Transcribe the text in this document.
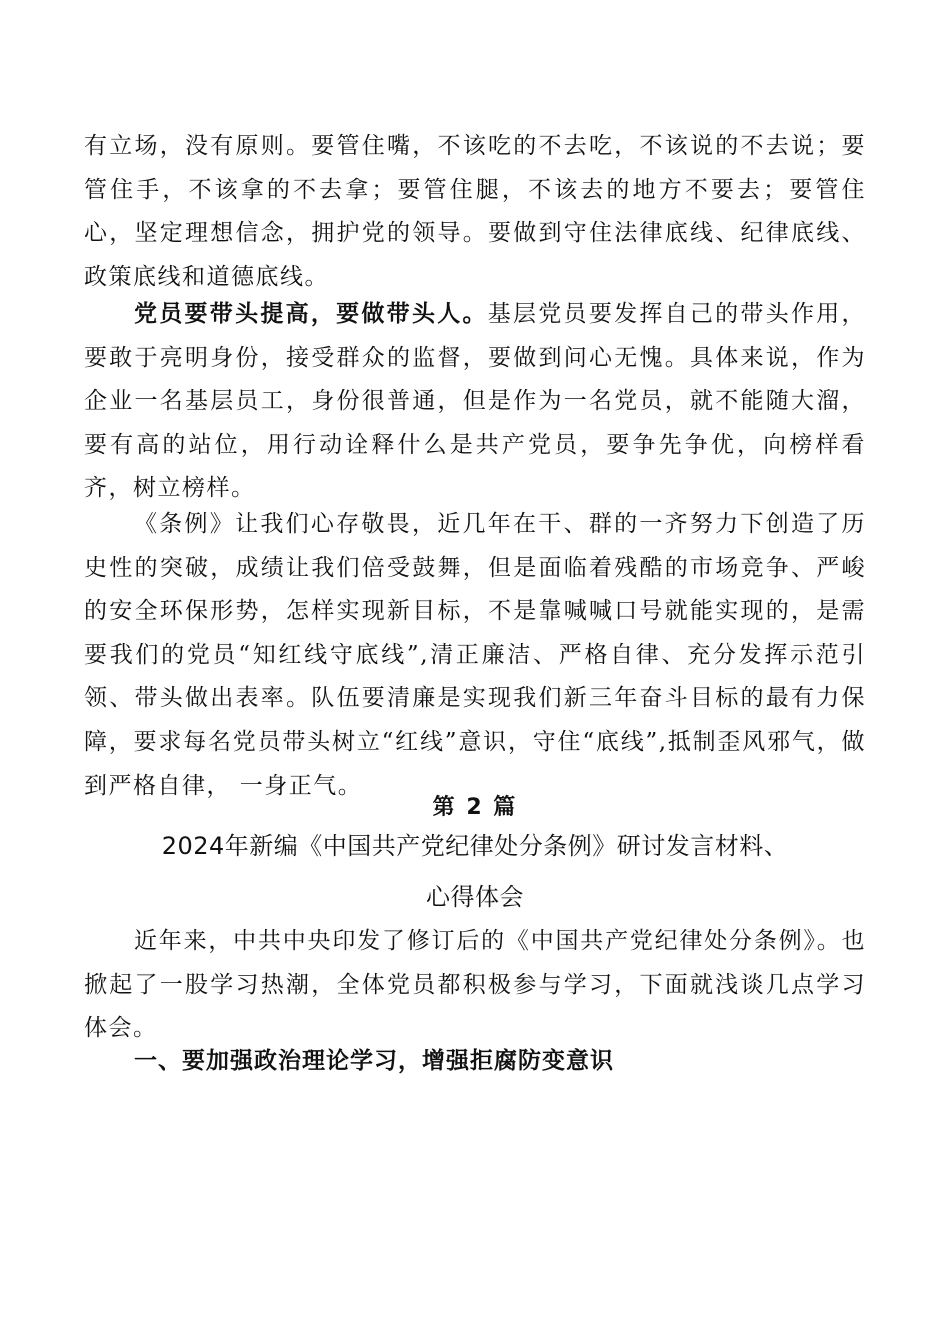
有立场，没有原则。要管住嘴，不该吃的不去吃，不该说的不去说；要管住手，不该拿的不去拿；要管住腿，不该去的地方不要去；要管住心，坚定理想信念，拥护党的领导。要做到守住法律底线、纪律底线、政策底线和道德底线。
党员要带头提高，要做带头人。基层党员要发挥自己的带头作用，要敢于亮明身份，接受群众的监督，要做到问心无愧。具体来说，作为企业一名基层员工，身份很普通，但是作为一名党员，就不能随大溜，要有高的站位，用行动诠释什么是共产党员，要争先争优，向榜样看齐，树立榜样。
《条例》让我们心存敬畏，近几年在干、群的一齐努力下创造了历史性的突破，成绩让我们倍受鼓舞，但是面临着残酷的市场竞争、严峻的安全环保形势，怎样实现新目标，不是靠喊喊口号就能实现的，是需要我们的党员“知红线守底线”,清正廉洁、严格自律、充分发挥示范引领、带头做出表率。队伍要清廉是实现我们新三年奋斗目标的最有力保障，要求每名党员带头树立“红线”意识，守住“底线”,抵制歪风邪气，做到严格自律， 一身正气。
第 2 篇
2024年新编《中国共产党纪律处分条例》研讨发言材料、
心得体会
近年来，中共中央印发了修订后的《中国共产党纪律处分条例》。也掀起了一股学习热潮，全体党员都积极参与学习，下面就浅谈几点学习体会。
一、要加强政治理论学习，增强拒腐防变意识
